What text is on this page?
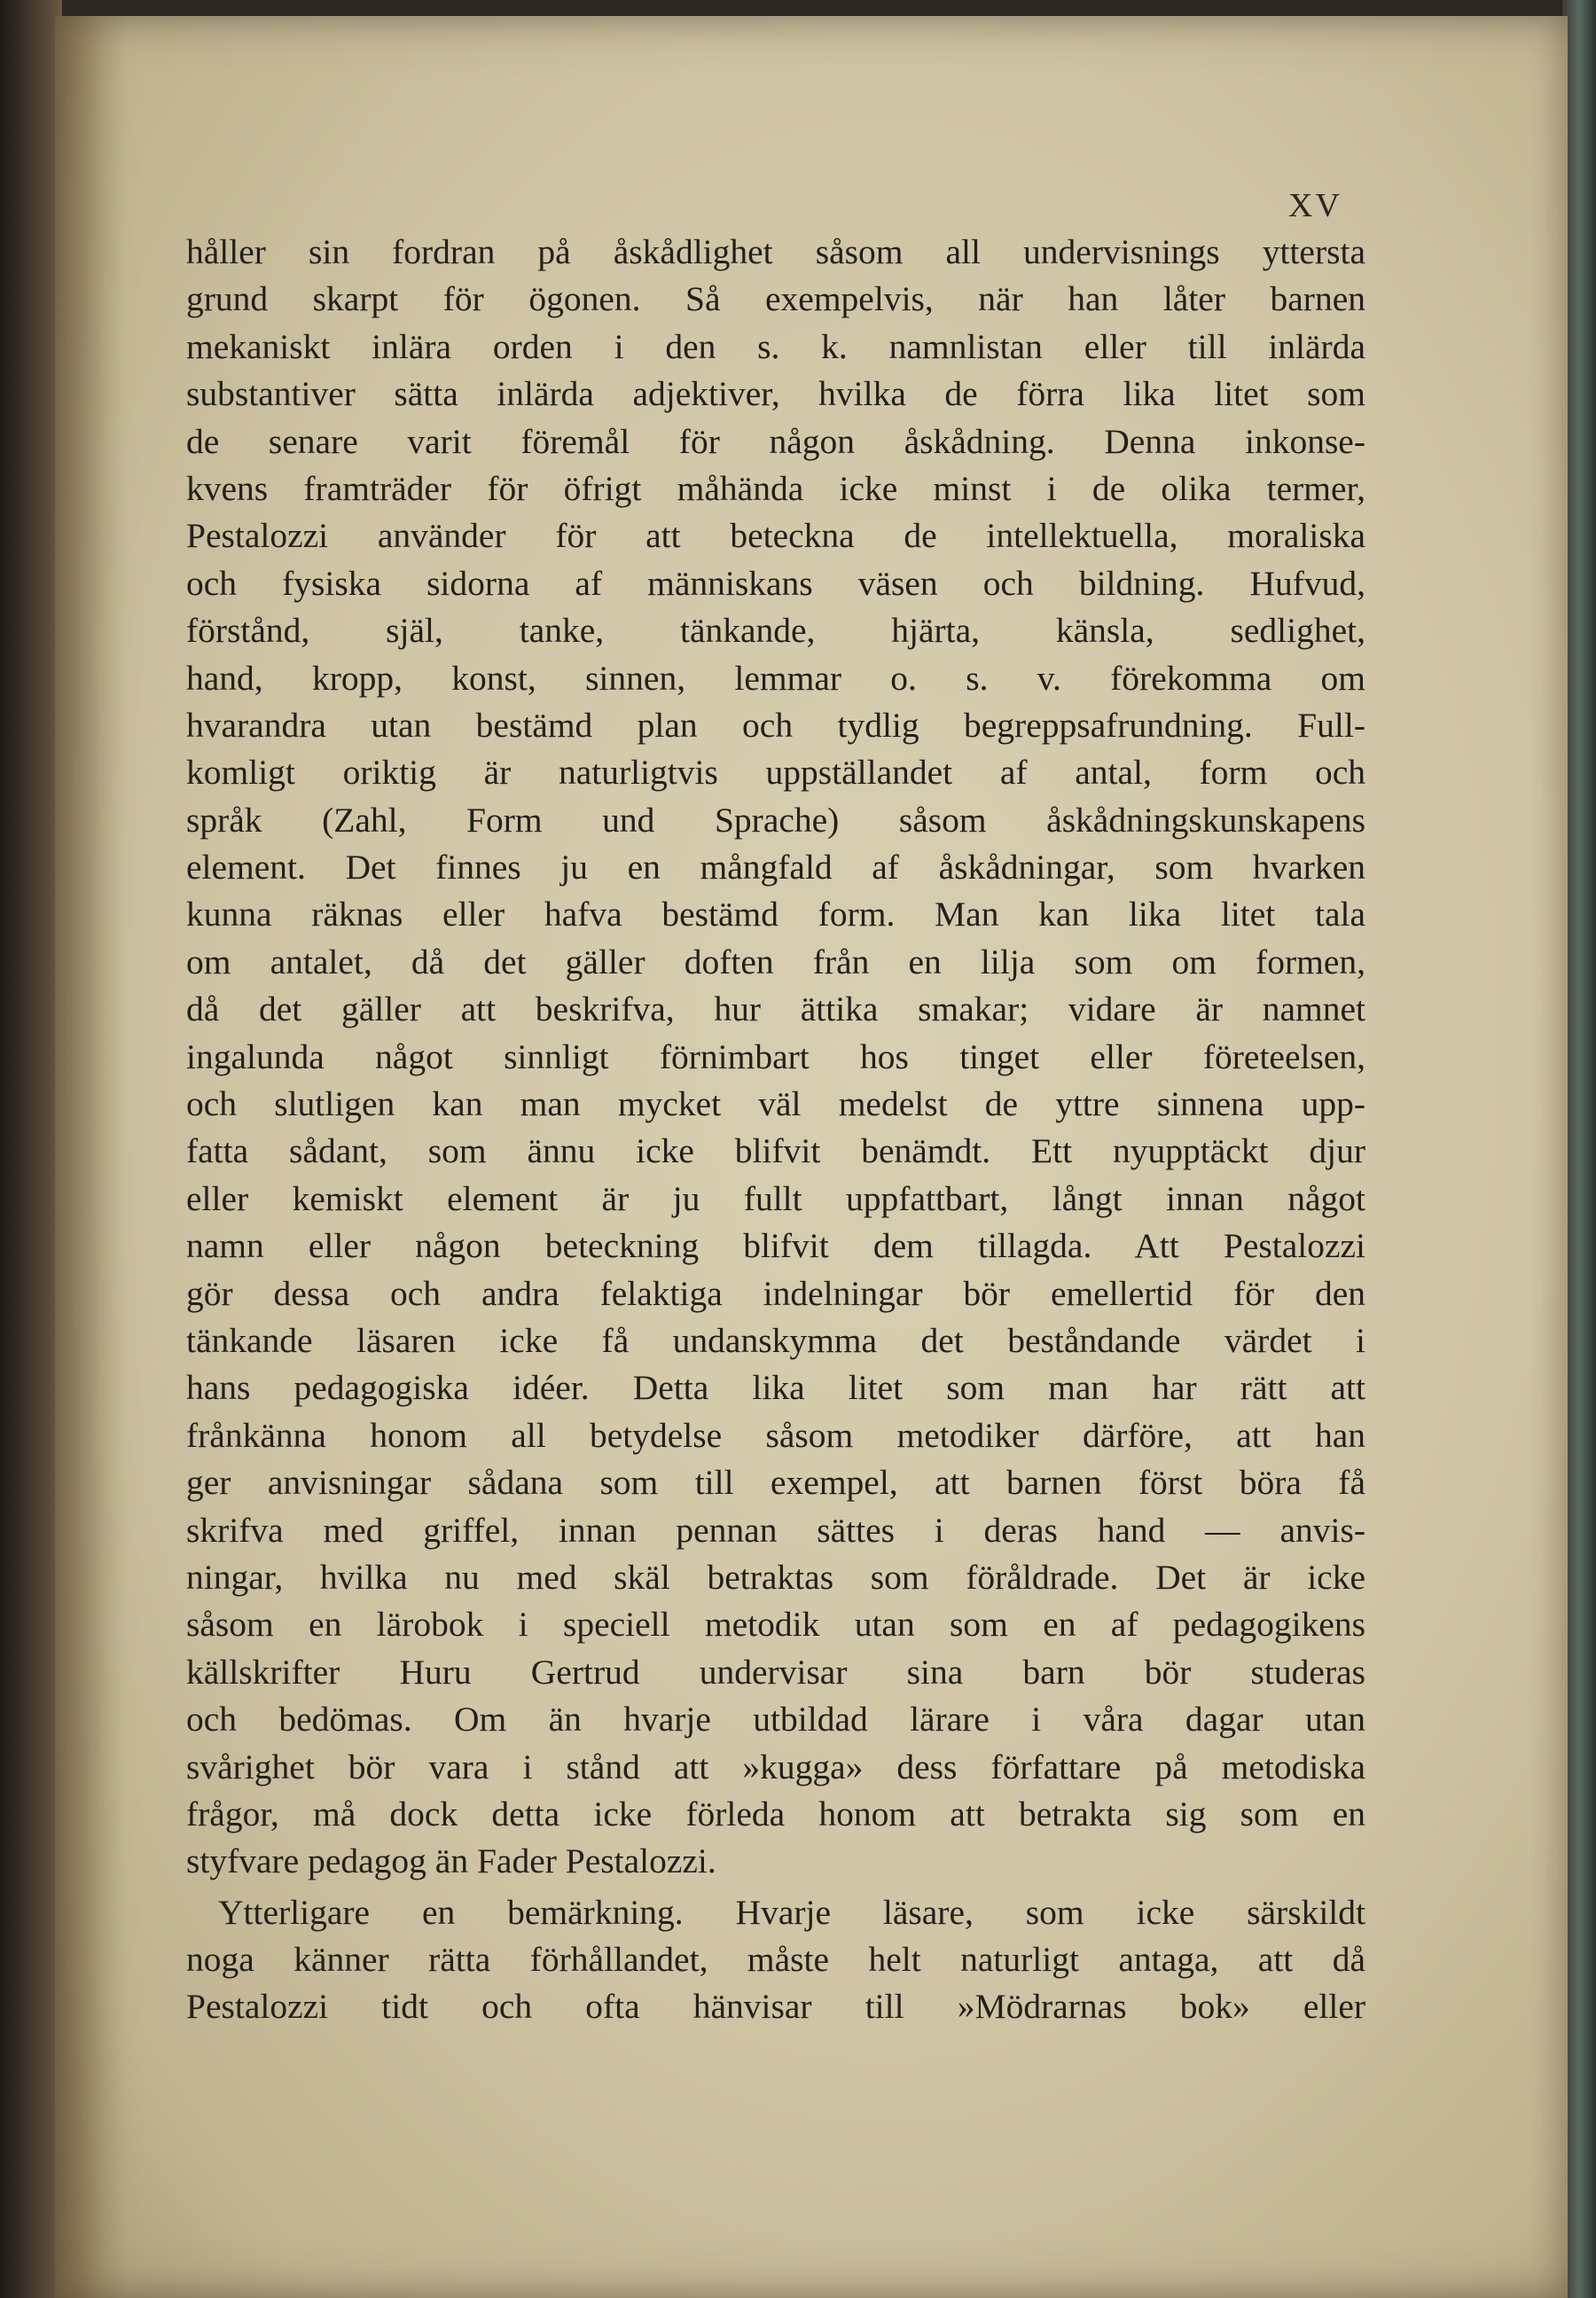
XV
håller sin fordran på åskådlighet såsom all undervisnings yttersta
grund skarpt för ögonen. Så exempelvis, när han låter barnen
mekaniskt inlära orden i den s. k. namnlistan eller till inlärda
substantiver sätta inlärda adjektiver, hvilka de förra lika litet som
de senare varit föremål för någon åskådning. Denna inkonse-
kvens framträder för öfrigt måhända icke minst i de olika termer,
Pestalozzi använder för att beteckna de intellektuella, moraliska
och fysiska sidorna af människans väsen och bildning. Hufvud,
förstånd, själ, tanke, tänkande, hjärta, känsla, sedlighet,
hand, kropp, konst, sinnen, lemmar o. s. v. förekomma om
hvarandra utan bestämd plan och tydlig begreppsafrundning. Full-
komligt oriktig är naturligtvis uppställandet af antal, form och
språk (Zahl, Form und Sprache) såsom åskådningskunskapens
element. Det finnes ju en mångfald af åskådningar, som hvarken
kunna räknas eller hafva bestämd form. Man kan lika litet tala
om antalet, då det gäller doften från en lilja som om formen,
då det gäller att beskrifva, hur ättika smakar; vidare är namnet
ingalunda något sinnligt förnimbart hos tinget eller företeelsen,
och slutligen kan man mycket väl medelst de yttre sinnena upp-
fatta sådant, som ännu icke blifvit benämdt. Ett nyupptäckt djur
eller kemiskt element är ju fullt uppfattbart, långt innan något
namn eller någon beteckning blifvit dem tillagda. Att Pestalozzi
gör dessa och andra felaktiga indelningar bör emellertid för den
tänkande läsaren icke få undanskymma det beståndande värdet i
hans pedagogiska idéer. Detta lika litet som man har rätt att
frånkänna honom all betydelse såsom metodiker därföre, att han
ger anvisningar sådana som till exempel, att barnen först böra få
skrifva med griffel, innan pennan sättes i deras hand — anvis-
ningar, hvilka nu med skäl betraktas som föråldrade. Det är icke
såsom en lärobok i speciell metodik utan som en af pedagogikens
källskrifter Huru Gertrud undervisar sina barn bör studeras
och bedömas. Om än hvarje utbildad lärare i våra dagar utan
svårighet bör vara i stånd att »kugga» dess författare på metodiska
frågor, må dock detta icke förleda honom att betrakta sig som en
styfvare pedagog än Fader Pestalozzi.
Ytterligare en bemärkning. Hvarje läsare, som icke särskildt
noga känner rätta förhållandet, måste helt naturligt antaga, att då
Pestalozzi tidt och ofta hänvisar till »Mödrarnas bok» eller
